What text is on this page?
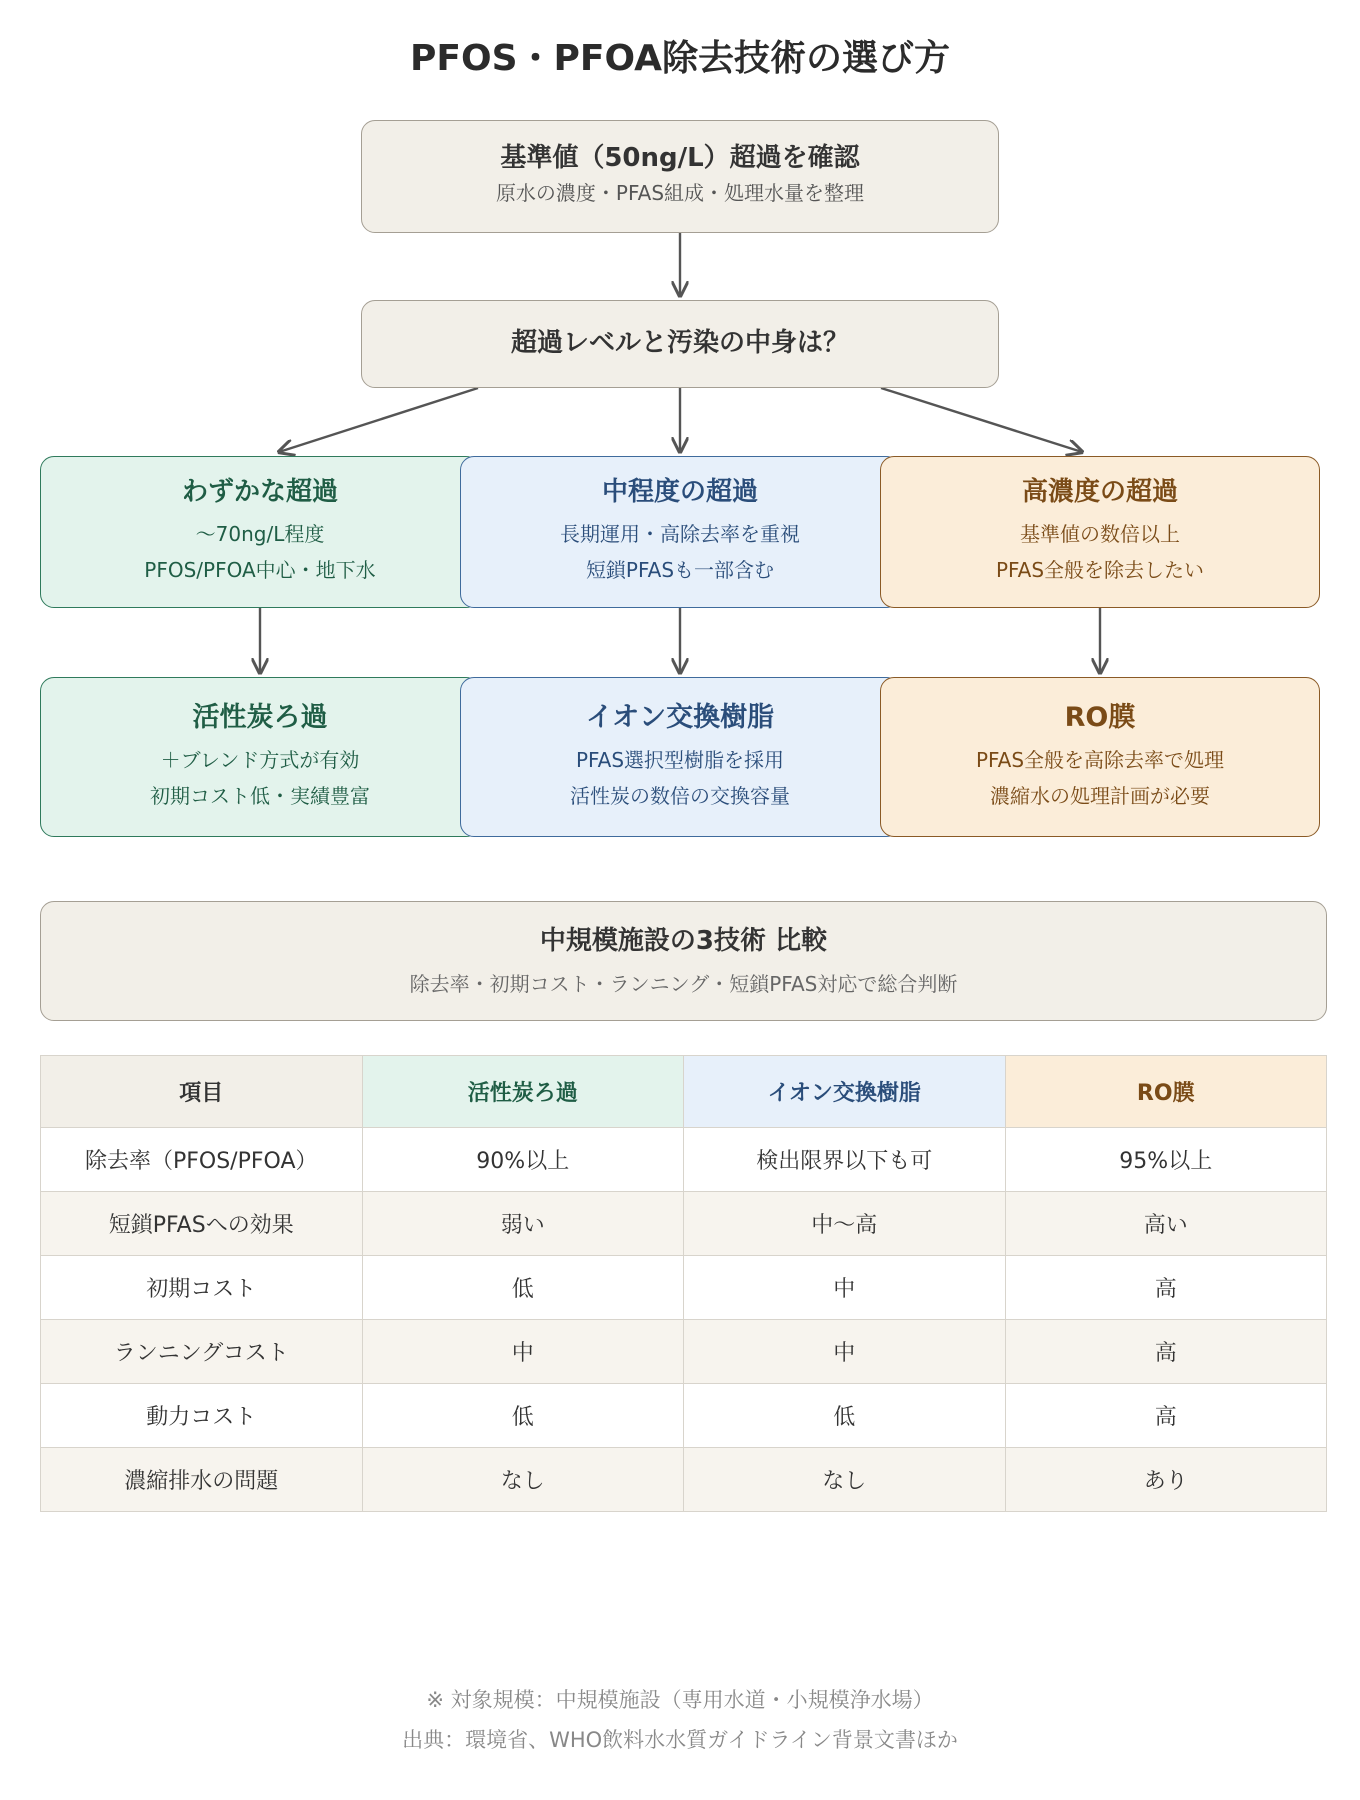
PFOS・PFOA除去技術の選び方
基準値（50ng/L）超過を確認
原水の濃度・PFAS組成・処理水量を整理
超過レベルと汚染の中身は？
わずかな超過
〜70ng/L程度
PFOS/PFOA中心・地下水
中程度の超過
長期運用・高除去率を重視
短鎖PFASも一部含む
高濃度の超過
基準値の数倍以上
PFAS全般を除去したい
活性炭ろ過
＋ブレンド方式が有効
初期コスト低・実績豊富
イオン交換樹脂
PFAS選択型樹脂を採用
活性炭の数倍の交換容量
RO膜
PFAS全般を高除去率で処理
濃縮水の処理計画が必要
中規模施設の3技術 比較
除去率・初期コスト・ランニング・短鎖PFAS対応で総合判断
項目	活性炭ろ過	イオン交換樹脂	RO膜
除去率（PFOS/PFOA）	90%以上	検出限界以下も可	95%以上
短鎖PFASへの効果	弱い	中〜高	高い
初期コスト	低	中	高
ランニングコスト	中	中	高
動力コスト	低	低	高
濃縮排水の問題	なし	なし	あり
※ 対象規模：中規模施設（専用水道・小規模浄水場）
出典：環境省、WHO飲料水水質ガイドライン背景文書ほか
